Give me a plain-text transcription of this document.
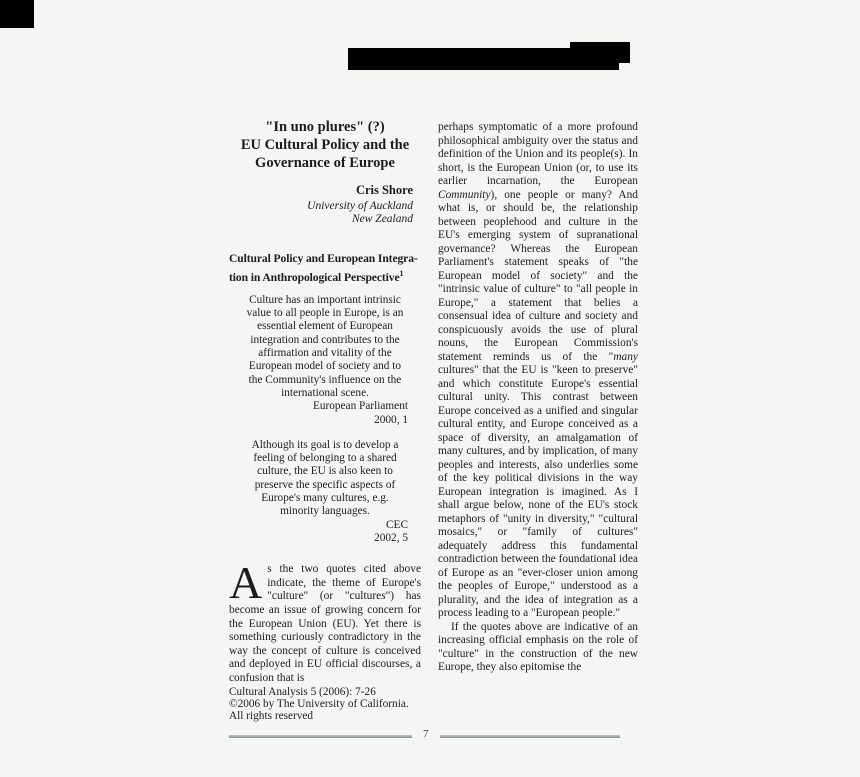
"In uno plures" (?)
EU Cultural Policy and the
Governance of Europe
Cris Shore
University of Auckland
New Zealand
Cultural Policy and European Integra-
tion in Anthropological Perspective$^1$
Culture has an important intrinsic
value to all people in Europe, is an
essential element of European
integration and contributes to the
affirmation and vitality of the
European model of society and to
the Community's influence on the
international scene.
European Parliament
2000, 1
Although its goal is to develop a
feeling of belonging to a shared
culture, the EU is also keen to
preserve the specific aspects of
Europe's many cultures, e.g.
minority languages.
CEC
2002, 5

As the two quotes cited above indicate, the theme of Europe's "culture" (or "cultures") has become an issue of growing concern for the European Union (EU). Yet there is something curiously contradictory in the way the concept of culture is conceived and deployed in EU official discourses, a confusion that is

perhaps symptomatic of a more profound philosophical ambiguity over the status and definition of the Union and its people(s). In short, is the European Union (or, to use its earlier incarnation, the European Community), one people or many? And what is, or should be, the relationship between peoplehood and culture in the EU's emerging system of supranational governance? Whereas the European Parliament's statement speaks of "the European model of society" and the "intrinsic value of culture" to "all people in Europe," a statement that belies a consensual idea of culture and society and conspicuously avoids the use of plural nouns, the European Commission's statement reminds us of the "many cultures" that the EU is "keen to preserve" and which constitute Europe's essential cultural unity. This contrast between Europe conceived as a unified and singular cultural entity, and Europe conceived as a space of diversity, an amalgamation of many cultures, and by implication, of many peoples and interests, also underlies some of the key political divisions in the way European integration is imagined. As I shall argue below, none of the EU's stock metaphors of "unity in diversity," "cultural mosaics," or "family of cultures" adequately address this fundamental contradiction between the foundational idea of Europe as an "ever-closer union among the peoples of Europe," understood as a plurality, and the idea of integration as a process leading to a "European people."

If the quotes above are indicative of an increasing official emphasis on the role of "culture" in the construction of the new Europe, they also epitomise the

Cultural Analysis 5 (2006): 7-26
©2006 by The University of California.
All rights reserved
7
